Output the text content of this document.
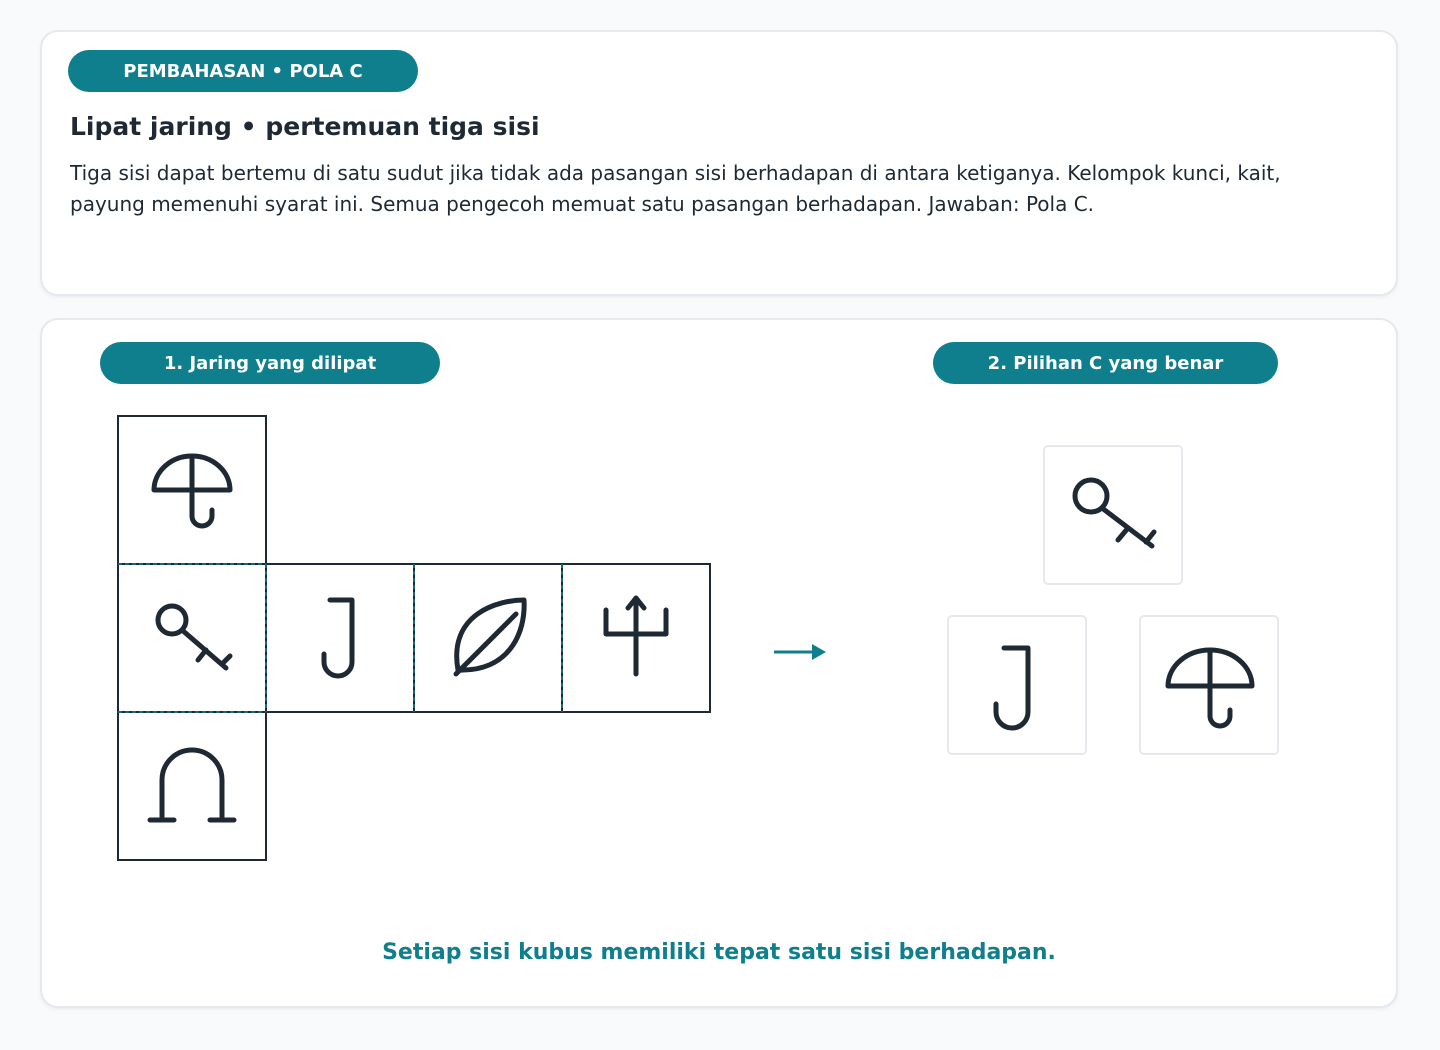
PEMBAHASAN • POLA C
Lipat jaring • pertemuan tiga sisi

Tiga sisi dapat bertemu di satu sudut jika tidak ada pasangan sisi berhadapan di antara ketiganya. Kelompok kunci, kait, payung memenuhi syarat ini. Semua pengecoh memuat satu pasangan berhadapan. Jawaban: Pola C.

1. Jaring yang dilipat	2. Pilihan C yang benar

Setiap sisi kubus memiliki tepat satu sisi berhadapan.
